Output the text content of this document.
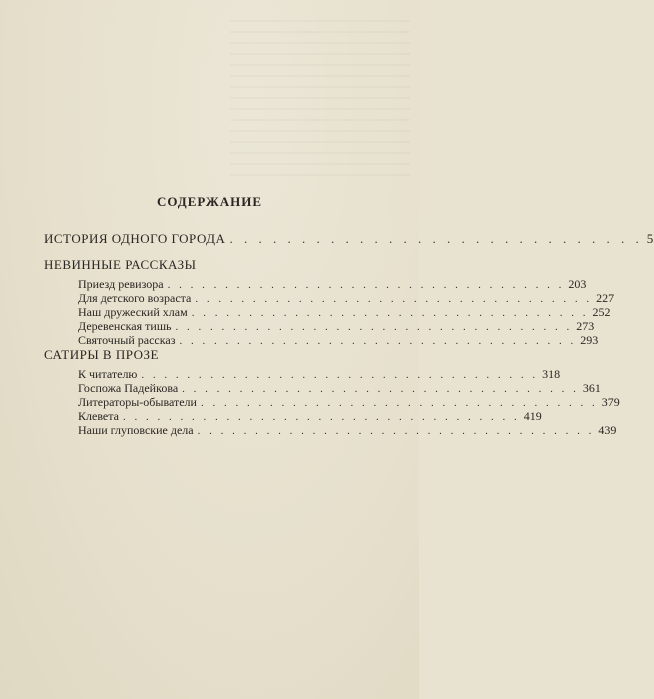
СОДЕРЖАНИЕ
ИСТОРИЯ ОДНОГО ГОРОДА . . . . . . . . . . . . . . . . . . . . . . . . . . . . . 5
НЕВИННЫЕ РАССКАЗЫ
Приезд ревизора . . . . . . . . . . . . . . . . . . . . . . . . . . . . . . . . . . . 203
Для детского возраста . . . . . . . . . . . . . . . . . . . . . . . . . . . . . . . . . . . 227
Наш дружеский хлам . . . . . . . . . . . . . . . . . . . . . . . . . . . . . . . . . . . 252
Деревенская тишь . . . . . . . . . . . . . . . . . . . . . . . . . . . . . . . . . . . 273
Святочный рассказ . . . . . . . . . . . . . . . . . . . . . . . . . . . . . . . . . . . 293
САТИРЫ В ПРОЗЕ
К читателю . . . . . . . . . . . . . . . . . . . . . . . . . . . . . . . . . . . 318
Госпожа Падейкова . . . . . . . . . . . . . . . . . . . . . . . . . . . . . . . . . . . 361
Литераторы-обыватели . . . . . . . . . . . . . . . . . . . . . . . . . . . . . . . . . . . 379
Клевета . . . . . . . . . . . . . . . . . . . . . . . . . . . . . . . . . . . 419
Наши глуповские дела . . . . . . . . . . . . . . . . . . . . . . . . . . . . . . . . . . . 439
